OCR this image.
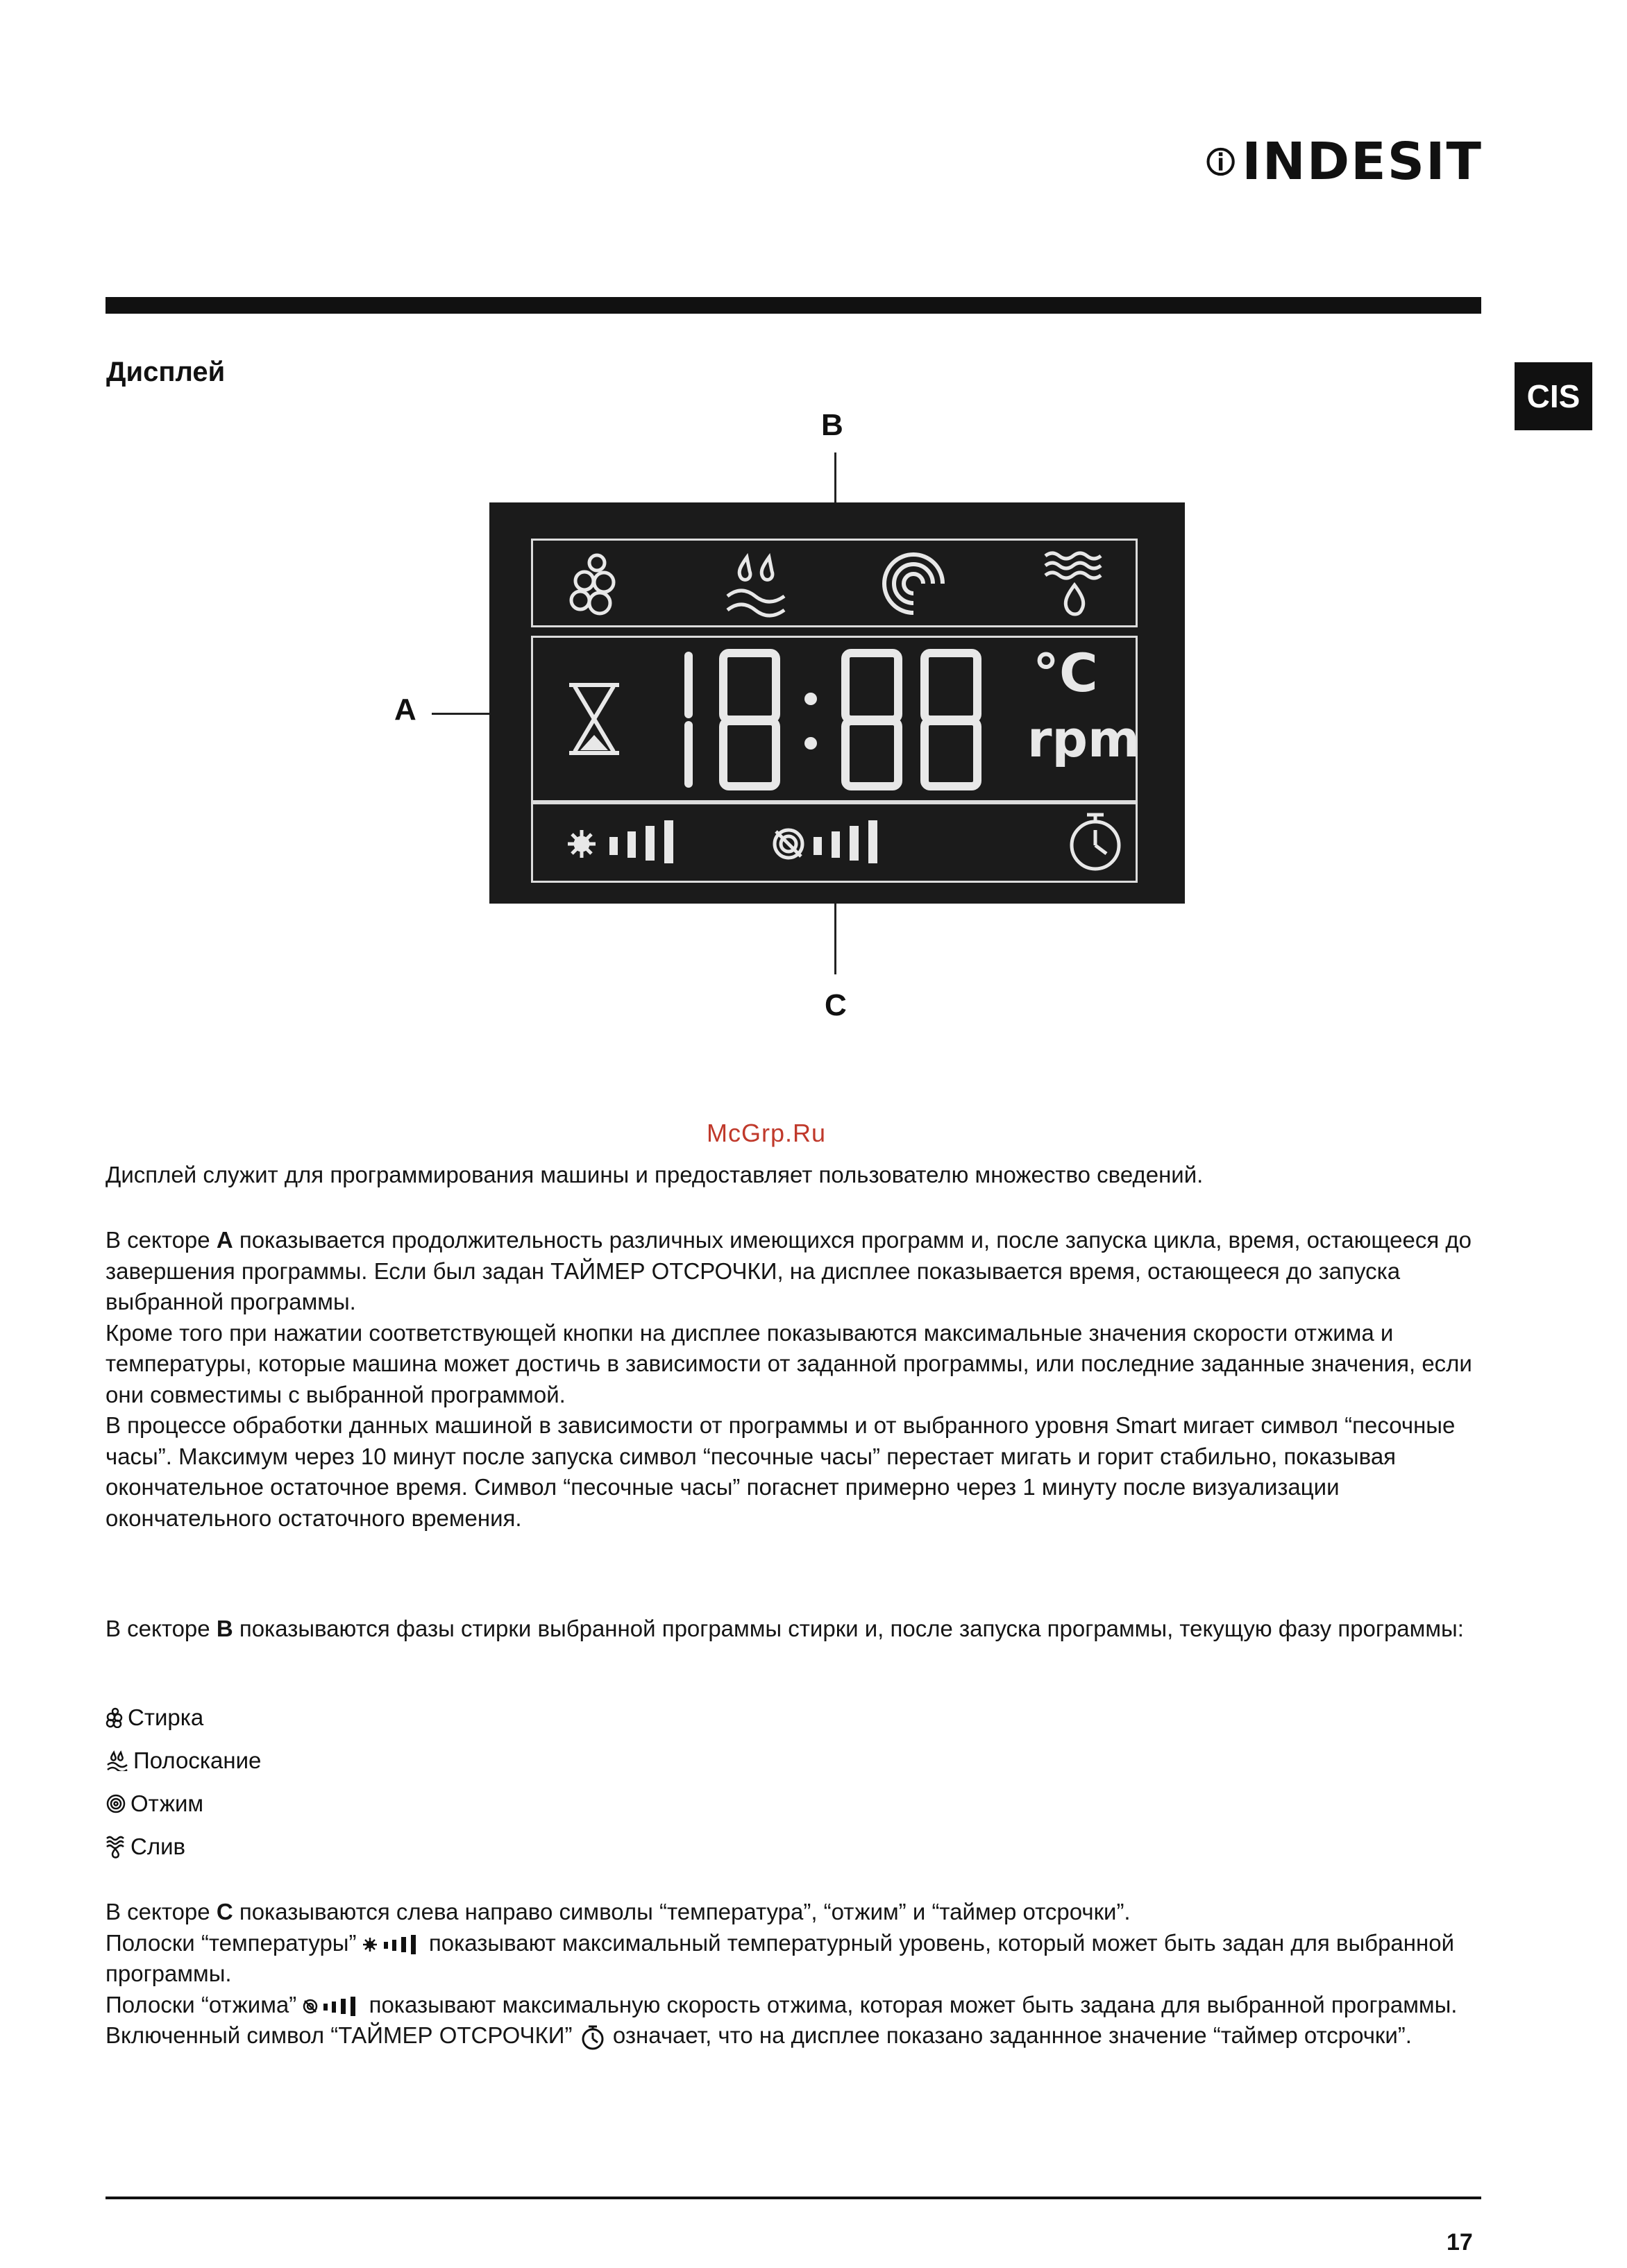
INDESIT
CIS
Дисплей
B
A
C
°C
rpm
McGrp.Ru

Дисплей служит для программирования машины и предоставляет пользователю множество сведений.

В секторе A показывается продолжительность различных имеющихся программ и, после запуска цикла, время, остающееся до завершения программы. Если был задан ТАЙМЕР ОТСРОЧКИ, на дисплее показывается время, остающееся до запуска выбранной программы.

Кроме того при нажатии соответствующей кнопки на дисплее показываются максимальные значения скорости отжима и температуры, которые машина может достичь в зависимости от заданной программы, или последние заданные значения, если они совместимы с выбранной программой.

В процессе обработки данных машиной в зависимости от программы и от выбранного уровня Smart мигает символ “песочные часы”. Максимум через 10 минут после запуска символ “песочные часы” перестает мигать и горит стабильно, показывая окончательное остаточное время. Символ “песочные часы” погаснет примерно через 1 минуту после визуализации окончательного остаточного времения.

В секторе B показываются фазы стирки выбранной программы стирки и, после запуска программы, текущую фазу программы:

Стирка
Полоскание
Отжим
Слив

В секторе C показываются слева направо символы “температура”, “отжим” и “таймер отсрочки”.

Полоски “температуры”	показывают максимальный температурный уровень, который может быть задан для выбранной программы.

Полоски “отжима”	показывают максимальную скорость отжима, которая может быть задана для выбранной программы.

Включенный символ “ТАЙМЕР ОТСРОЧКИ”  означает, что на дисплее показано заданнное значение “таймер отсрочки”.

17
